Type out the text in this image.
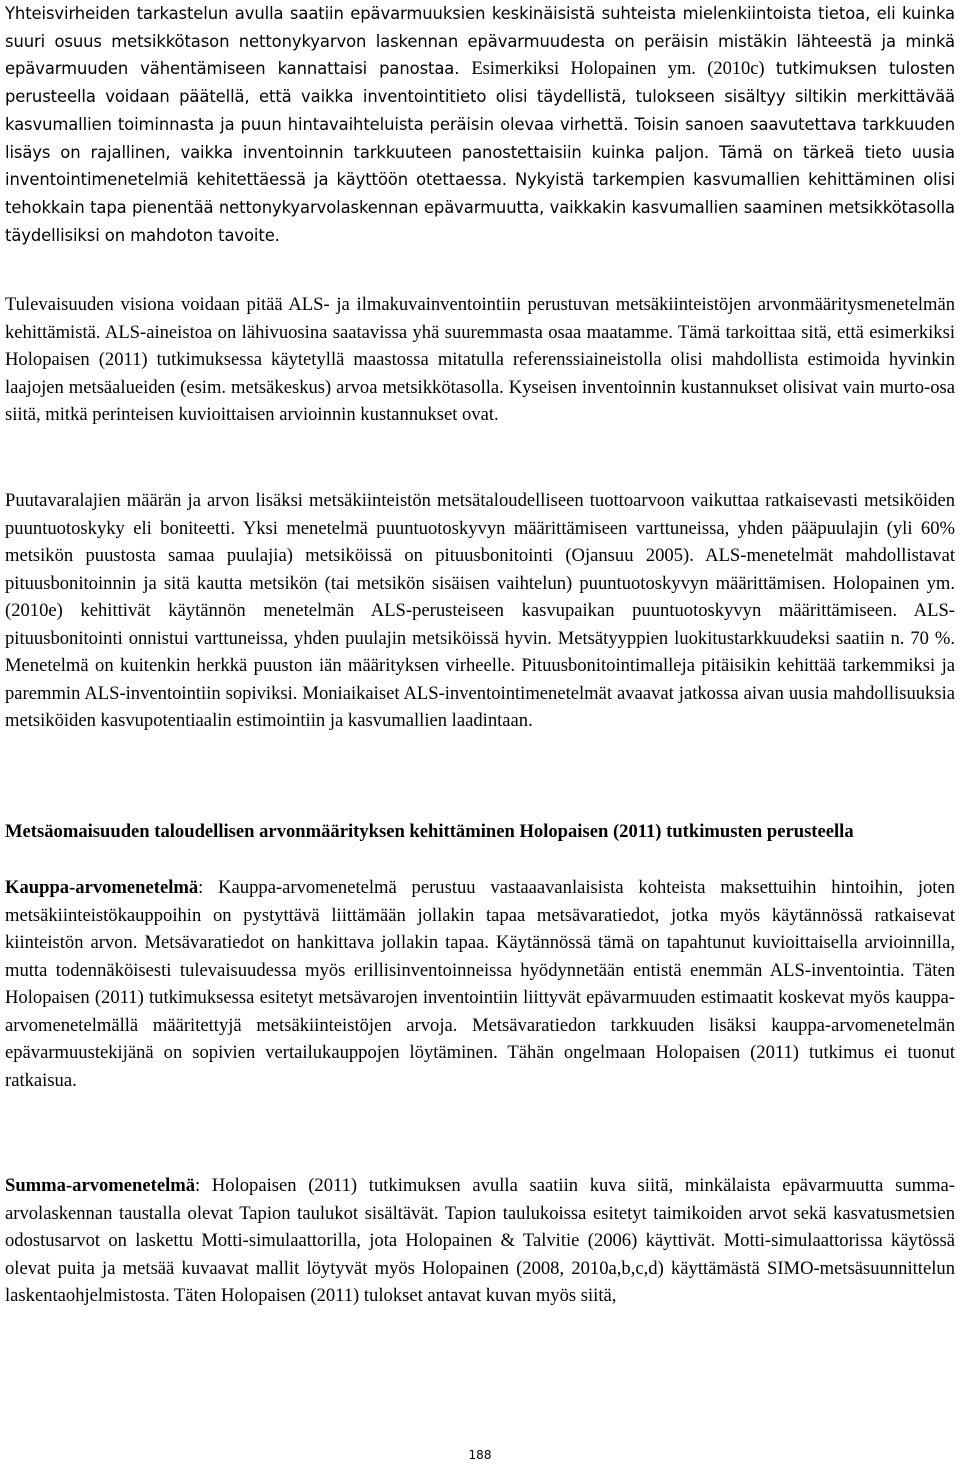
Yhteisvirheiden tarkastelun avulla saatiin epävarmuuksien keskinäisistä suhteista mielenkiintoista tietoa, eli kuinka suuri osuus metsikkötason nettonykyarvon laskennan epävarmuudesta on peräisin mistäkin lähteestä ja minkä epävarmuuden vähentämiseen kannattaisi panostaa. Esimerkiksi Holopainen ym. (2010c) tutkimuksen tulosten perusteella voidaan päätellä, että vaikka inventointitieto olisi täydellistä, tulokseen sisältyy siltikin merkittävää kasvumallien toiminnasta ja puun hintavaihteluista peräisin olevaa virhettä. Toisin sanoen saavutettava tarkkuuden lisäys on rajallinen, vaikka inventoinnin tarkkuuteen panostettaisiin kuinka paljon. Tämä on tärkeä tieto uusia inventointimenetelmiä kehitettäessä ja käyttöön otettaessa. Nykyistä tarkempien kasvumallien kehittäminen olisi tehokkain tapa pienentää nettonykyarvolaskennan epävarmuutta, vaikkakin kasvumallien saaminen metsikkötasolla täydellisiksi on mahdoton tavoite.

Tulevaisuuden visiona voidaan pitää ALS- ja ilmakuvainventointiin perustuvan metsäkiinteistöjen arvonmääritysmenetelmän kehittämistä. ALS-aineistoa on lähivuosina saatavissa yhä suuremmasta osaa maatamme. Tämä tarkoittaa sitä, että esimerkiksi Holopaisen (2011) tutkimuksessa käytetyllä maastossa mitatulla referenssiaineistolla olisi mahdollista estimoida hyvinkin laajojen metsäalueiden (esim. metsäkeskus) arvoa metsikkötasolla. Kyseisen inventoinnin kustannukset olisivat vain murto-osa siitä, mitkä perinteisen kuvioittaisen arvioinnin kustannukset ovat.

Puutavaralajien määrän ja arvon lisäksi metsäkiinteistön metsätaloudelliseen tuottoarvoon vaikuttaa ratkaisevasti metsiköiden puuntuotoskyky eli boniteetti. Yksi menetelmä puuntuotoskyvyn määrittämiseen varttuneissa, yhden pääpuulajin (yli 60% metsikön puustosta samaa puulajia) metsiköissä on pituusbonitointi (Ojansuu 2005). ALS-menetelmät mahdollistavat pituusbonitoinnin ja sitä kautta metsikön (tai metsikön sisäisen vaihtelun) puuntuotoskyvyn määrittämisen. Holopainen ym. (2010e) kehittivät käytännön menetelmän ALS-perusteiseen kasvupaikan puuntuotoskyvyn määrittämiseen. ALS-pituusbonitointi onnistui varttuneissa, yhden puulajin metsiköissä hyvin. Metsätyyppien luokitustarkkuudeksi saatiin n. 70 %. Menetelmä on kuitenkin herkkä puuston iän määrityksen virheelle. Pituusbonitointimalleja pitäisikin kehittää tarkemmiksi ja paremmin ALS-inventointiin sopiviksi. Moniaikaiset ALS-inventointimenetelmät avaavat jatkossa aivan uusia mahdollisuuksia metsiköiden kasvupotentiaalin estimointiin ja kasvumallien laadintaan.

Metsäomaisuuden taloudellisen arvonmäärityksen kehittäminen Holopaisen (2011) tutkimusten perusteella

Kauppa-arvomenetelmä: Kauppa-arvomenetelmä perustuu vastaaavanlaisista kohteista maksettuihin hintoihin, joten metsäkiinteistökauppoihin on pystyttävä liittämään jollakin tapaa metsävaratiedot, jotka myös käytännössä ratkaisevat kiinteistön arvon. Metsävaratiedot on hankittava jollakin tapaa. Käytännössä tämä on tapahtunut kuvioittaisella arvioinnilla, mutta todennäköisesti tulevaisuudessa myös erillisinventoinneissa hyödynnetään entistä enemmän ALS-inventointia. Täten Holopaisen (2011) tutkimuksessa esitetyt metsävarojen inventointiin liittyvät epävarmuuden estimaatit koskevat myös kauppa-arvomenetelmällä määritettyjä metsäkiinteistöjen arvoja. Metsävaratiedon tarkkuuden lisäksi kauppa-arvomenetelmän epävarmuustekijänä on sopivien vertailukauppojen löytäminen. Tähän ongelmaan Holopaisen (2011) tutkimus ei tuonut ratkaisua.

Summa-arvomenetelmä: Holopaisen (2011) tutkimuksen avulla saatiin kuva siitä, minkälaista epävarmuutta summa-arvolaskennan taustalla olevat Tapion taulukot sisältävät. Tapion taulukoissa esitetyt taimikoiden arvot sekä kasvatusmetsien odostusarvot on laskettu Motti-simulaattorilla, jota Holopainen & Talvitie (2006) käyttivät. Motti-simulaattorissa käytössä olevat puita ja metsää kuvaavat mallit löytyvät myös Holopainen (2008, 2010a,b,c,d) käyttämästä SIMO-metsäsuunnittelun laskentaohjelmistosta. Täten Holopaisen (2011) tulokset antavat kuvan myös siitä,

188
